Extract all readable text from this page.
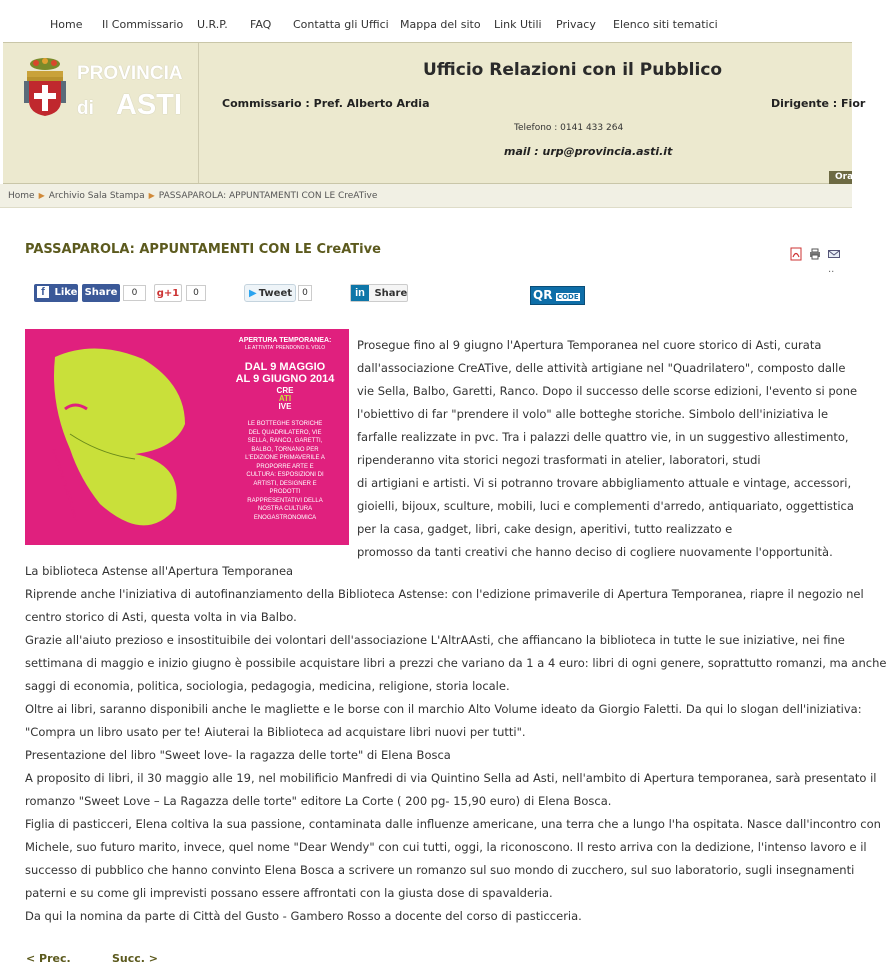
Home Il Commissario U.R.P. FAQ Contatta gli Uffici Mappa del sito Link Utili Privacy Elenco siti tematici
PROVINCIA
di ASTI
Ufficio Relazioni con il Pubblico
Commissario : Pref. Alberto Ardia	Dirigente : Fior
Telefono : 0141 433 264
mail : urp@provincia.asti.it
Ora
Home ▶ Archivio Sala Stampa ▶ PASSAPAROLA: APPUNTAMENTI CON LE CreATive
PASSAPAROLA: APPUNTAMENTI CON LE CreATive

..
f Like Share	0	g+1	0	▶ Tweet	0	in Share	QR CODE
APERTURA TEMPORANEA:
LE ATTIVITA' PRENDONO IL VOLO
DAL 9 MAGGIO
AL 9 GIUGNO 2014
CRE
ATI
IVE
LE BOTTEGHE STORICHE
DEL QUADRILATERO, VIE
SELLA, RANCO, GARETTI,
BALBO, TORNANO PER
L'EDIZIONE PRIMAVERILE A
PROPORRE ARTE E
CULTURA: ESPOSIZIONI DI
ARTISTI, DESIGNER E
PRODOTTI
RAPPRESENTATIVI DELLA
NOSTRA CULTURA
ENOGASTRONOMICA
APERTURA TEMPORANEA

Prosegue fino al 9 giugno l'Apertura Temporanea nel cuore storico di Asti, curata

dall'associazione CreATive, delle attività artigiane nel "Quadrilatero", composto dalle

vie Sella, Balbo, Garetti, Ranco. Dopo il successo delle scorse edizioni, l'evento si pone

l'obiettivo di far "prendere il volo" alle botteghe storiche. Simbolo dell'iniziativa le

farfalle realizzate in pvc. Tra i palazzi delle quattro vie, in un suggestivo allestimento,

ripenderanno vita storici negozi trasformati in atelier, laboratori, studi

di artigiani e artisti. Vi si potranno trovare abbigliamento attuale e vintage, accessori,

gioielli, bijoux, sculture, mobili, luci e complementi d'arredo, antiquariato, oggettistica

per la casa, gadget, libri, cake design, aperitivi, tutto realizzato e

promosso da tanti creativi che hanno deciso di cogliere nuovamente l'opportunità.

La biblioteca Astense all'Apertura Temporanea

Riprende anche l'iniziativa di autofinanziamento della Biblioteca Astense: con l'edizione primaverile di Apertura Temporanea, riapre il negozio nel

centro storico di Asti, questa volta in via Balbo.

Grazie all'aiuto prezioso e insostituibile dei volontari dell'associazione L'AltrAAsti, che affiancano la biblioteca in tutte le sue iniziative, nei fine

settimana di maggio e inizio giugno è possibile acquistare libri a prezzi che variano da 1 a 4 euro: libri di ogni genere, soprattutto romanzi, ma anche

saggi di economia, politica, sociologia, pedagogia, medicina, religione, storia locale.

Oltre ai libri, saranno disponibili anche le magliette e le borse con il marchio Alto Volume ideato da Giorgio Faletti. Da qui lo slogan dell'iniziativa:

"Compra un libro usato per te! Aiuterai la Biblioteca ad acquistare libri nuovi per tutti".

Presentazione del libro "Sweet love- la ragazza delle torte" di Elena Bosca

A proposito di libri, il 30 maggio alle 19, nel mobilificio Manfredi di via Quintino Sella ad Asti, nell'ambito di Apertura temporanea, sarà presentato il

romanzo "Sweet Love – La Ragazza delle torte" editore La Corte ( 200 pg- 15,90 euro) di Elena Bosca.

Figlia di pasticceri, Elena coltiva la sua passione, contaminata dalle influenze americane, una terra che a lungo l'ha ospitata. Nasce dall'incontro con

Michele, suo futuro marito, invece, quel nome "Dear Wendy" con cui tutti, oggi, la riconoscono. Il resto arriva con la dedizione, l'intenso lavoro e il

successo di pubblico che hanno convinto Elena Bosca a scrivere un romanzo sul suo mondo di zucchero, sul suo laboratorio, sugli insegnamenti

paterni e su come gli imprevisti possano essere affrontati con la giusta dose di spavalderia.

Da qui la nomina da parte di Città del Gusto - Gambero Rosso a docente del corso di pasticceria.

< Prec.	Succ. >
